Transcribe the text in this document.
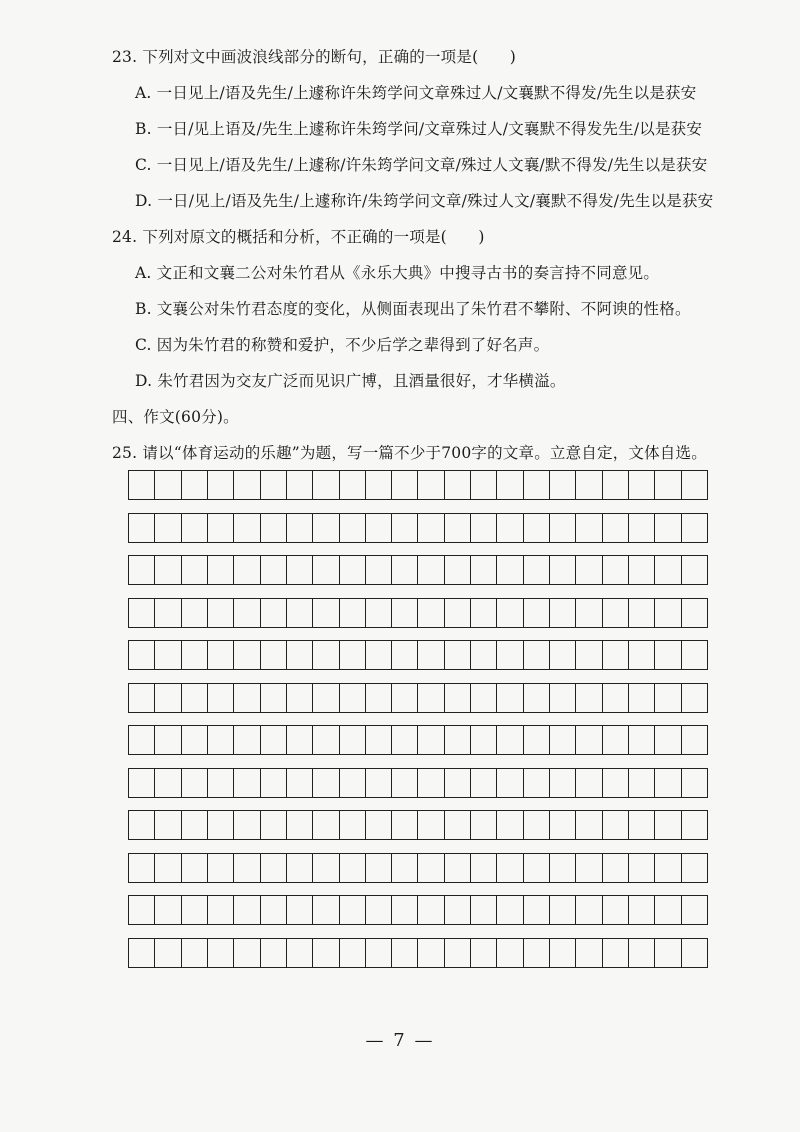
23. 下列对文中画波浪线部分的断句，正确的一项是(　　)
A. 一日见上/语及先生/上遽称许朱筠学问文章殊过人/文襄默不得发/先生以是获安
B. 一日/见上语及/先生上遽称许朱筠学问/文章殊过人/文襄默不得发先生/以是获安
C. 一日见上/语及先生/上遽称/许朱筠学问文章/殊过人文襄/默不得发/先生以是获安
D. 一日/见上/语及先生/上遽称许/朱筠学问文章/殊过人文/襄默不得发/先生以是获安
24. 下列对原文的概括和分析，不正确的一项是(　　)
A. 文正和文襄二公对朱竹君从《永乐大典》中搜寻古书的奏言持不同意见。
B. 文襄公对朱竹君态度的变化，从侧面表现出了朱竹君不攀附、不阿谀的性格。
C. 因为朱竹君的称赞和爱护，不少后学之辈得到了好名声。
D. 朱竹君因为交友广泛而见识广博，且酒量很好，才华横溢。
四、作文(60分)。
25. 请以“体育运动的乐趣”为题，写一篇不少于700字的文章。立意自定，文体自选。
— 7 —
